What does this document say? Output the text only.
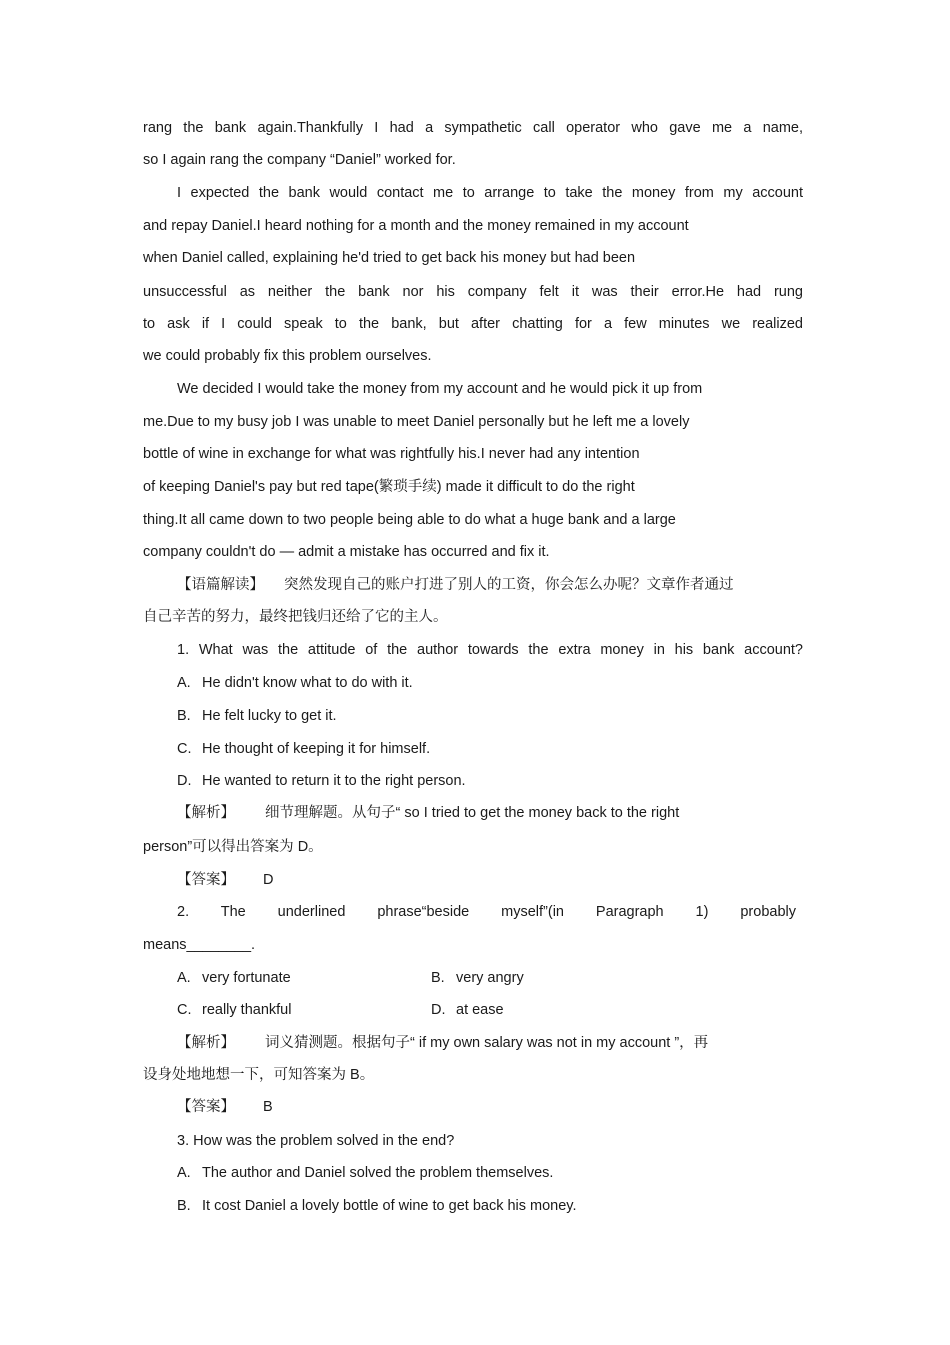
rang the bank again.Thankfully I had a sympathetic call operator who gave me a name,
so I again rang the company “Daniel” worked for.
I expected the bank would contact me to arrange to take the money from my account
and repay Daniel.I heard nothing for a month and the money remained in my account
when Daniel called, explaining he'd tried to get back his money but had been
unsuccessful as neither the bank nor his company felt it was their error.He had rung
to ask if I could speak to the bank, but after chatting for a few minutes we realized
we could probably fix this problem ourselves.
We decided I would take the money from my account and he would pick it up from
me.Due to my busy job I was unable to meet Daniel personally but he left me a lovely
bottle of wine in exchange for what was rightfully his.I never had any intention
of keeping Daniel's pay but red tape(繁琐手续) made it difficult to do the right
thing.It all came down to two people being able to do what a huge bank and a large
company couldn't do — admit a mistake has occurred and fix it.
【语篇解读】 突然发现自己的账户打进了别人的工资，你会怎么办呢？文章作者通过
自己辛苦的努力，最终把钱归还给了它的主人。
1. What was the attitude of the author towards the extra money in his bank account?
A. He didn't know what to do with it.
B. He felt lucky to get it.
C. He thought of keeping it for himself.
D. He wanted to return it to the right person.
【解析】 细节理解题。从句子“ so I tried to get the money back to the right
person”可以得出答案为 D。
【答案】 D
2. The underlined phrase“beside myself”(in Paragraph 1) probably
means________.
A. very fortunate	B. very angry
C. really thankful	D. at ease
【解析】 词义猜测题。根据句子“ if my own salary was not in my account ”，再
设身处地地想一下，可知答案为 B。
【答案】 B
3. How was the problem solved in the end?
A. The author and Daniel solved the problem themselves.
B. It cost Daniel a lovely bottle of wine to get back his money.
